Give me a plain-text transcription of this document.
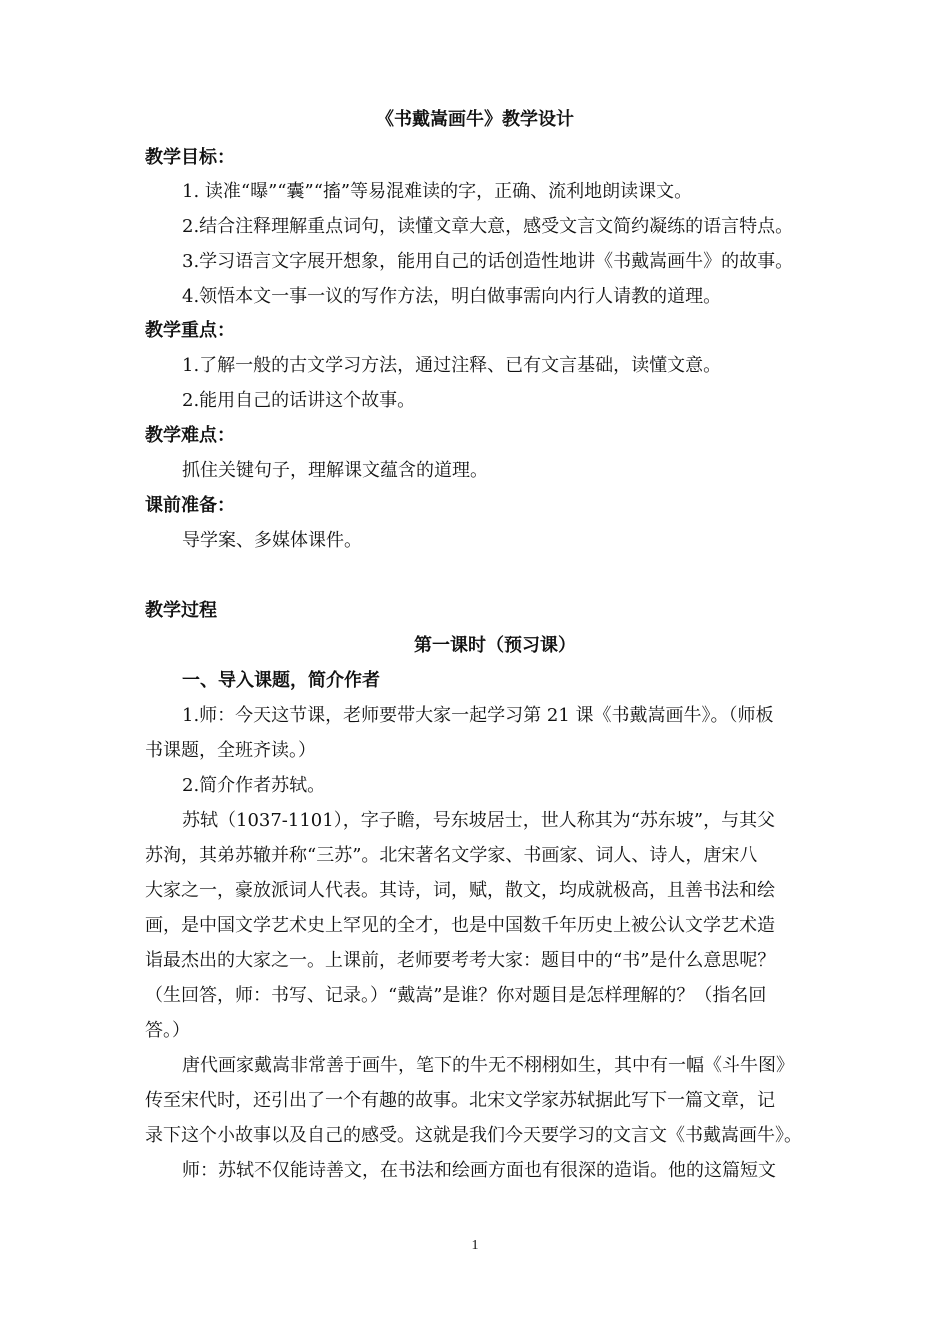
《书戴嵩画牛》教学设计
教学目标：
1. 读准“曝”“囊”“搐”等易混难读的字，正确、流利地朗读课文。
2.结合注释理解重点词句，读懂文章大意，感受文言文简约凝练的语言特点。
3.学习语言文字展开想象，能用自己的话创造性地讲《书戴嵩画牛》的故事。
4.领悟本文一事一议的写作方法，明白做事需向内行人请教的道理。
教学重点：
1.了解一般的古文学习方法，通过注释、已有文言基础，读懂文意。
2.能用自己的话讲这个故事。
教学难点：
抓住关键句子，理解课文蕴含的道理。
课前准备：
导学案、多媒体课件。
教学过程
第一课时（预习课）
一、导入课题，简介作者
1.师：今天这节课，老师要带大家一起学习第 21 课《书戴嵩画牛》。（师板
书课题，全班齐读。）
2.简介作者苏轼。
苏轼（1037-1101），字子瞻，号东坡居士，世人称其为“苏东坡”，与其父
苏洵，其弟苏辙并称“三苏”。北宋著名文学家、书画家、词人、诗人，唐宋八
大家之一，豪放派词人代表。其诗，词，赋，散文，均成就极高，且善书法和绘
画，是中国文学艺术史上罕见的全才，也是中国数千年历史上被公认文学艺术造
诣最杰出的大家之一。上课前，老师要考考大家：题目中的“书”是什么意思呢？
（生回答，师：书写、记录。）“戴嵩”是谁？你对题目是怎样理解的？（指名回
答。）
唐代画家戴嵩非常善于画牛，笔下的牛无不栩栩如生，其中有一幅《斗牛图》
传至宋代时，还引出了一个有趣的故事。北宋文学家苏轼据此写下一篇文章，记
录下这个小故事以及自己的感受。这就是我们今天要学习的文言文《书戴嵩画牛》。
师：苏轼不仅能诗善文，在书法和绘画方面也有很深的造诣。他的这篇短文
1
